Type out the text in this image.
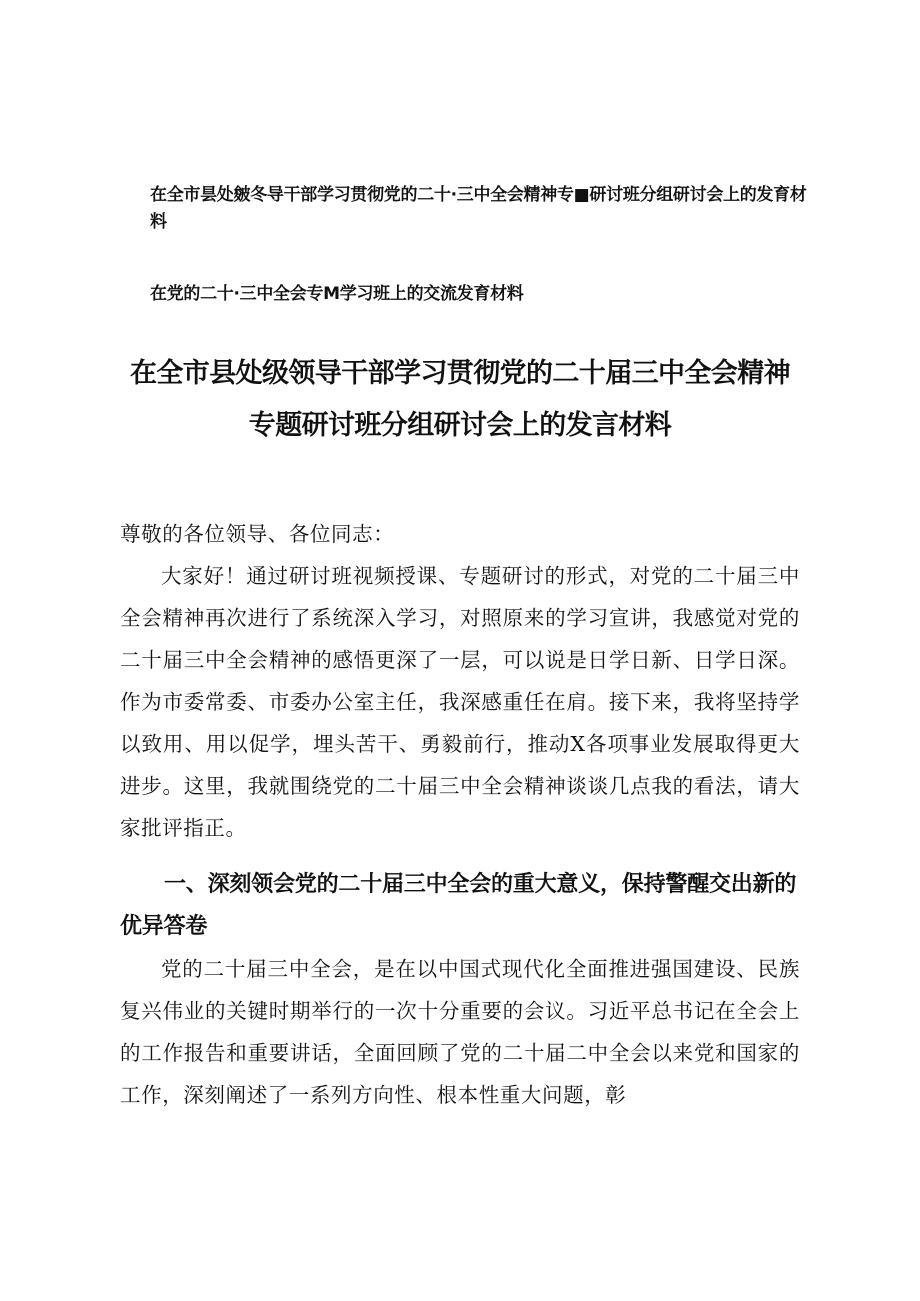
在全市昙处皴冬导干部学习贯彻党的二十·三中全会精神专■研讨班分组研讨会上的发育材料
在党的二十·三中全会专M学习班上的交流发育材料
在全市县处级领导干部学习贯彻党的二十届三中全会精神专题研讨班分组研讨会上的发言材料
尊敬的各位领导、各位同志：
大家好！通过研讨班视频授课、专题研讨的形式，对党的二十届三中全会精神再次进行了系统深入学习，对照原来的学习宣讲，我感觉对党的二十届三中全会精神的感悟更深了一层，可以说是日学日新、日学日深。作为市委常委、市委办公室主任，我深感重任在肩。接下来，我将坚持学以致用、用以促学，埋头苦干、勇毅前行，推动X各项事业发展取得更大进步。这里，我就围绕党的二十届三中全会精神谈谈几点我的看法，请大家批评指正。
一、深刻领会党的二十届三中全会的重大意义，保持警醒交出新的优异答卷
党的二十届三中全会，是在以中国式现代化全面推进强国建设、民族复兴伟业的关键时期举行的一次十分重要的会议。习近平总书记在全会上的工作报告和重要讲话，全面回顾了党的二十届二中全会以来党和国家的工作，深刻阐述了一系列方向性、根本性重大问题，彰
